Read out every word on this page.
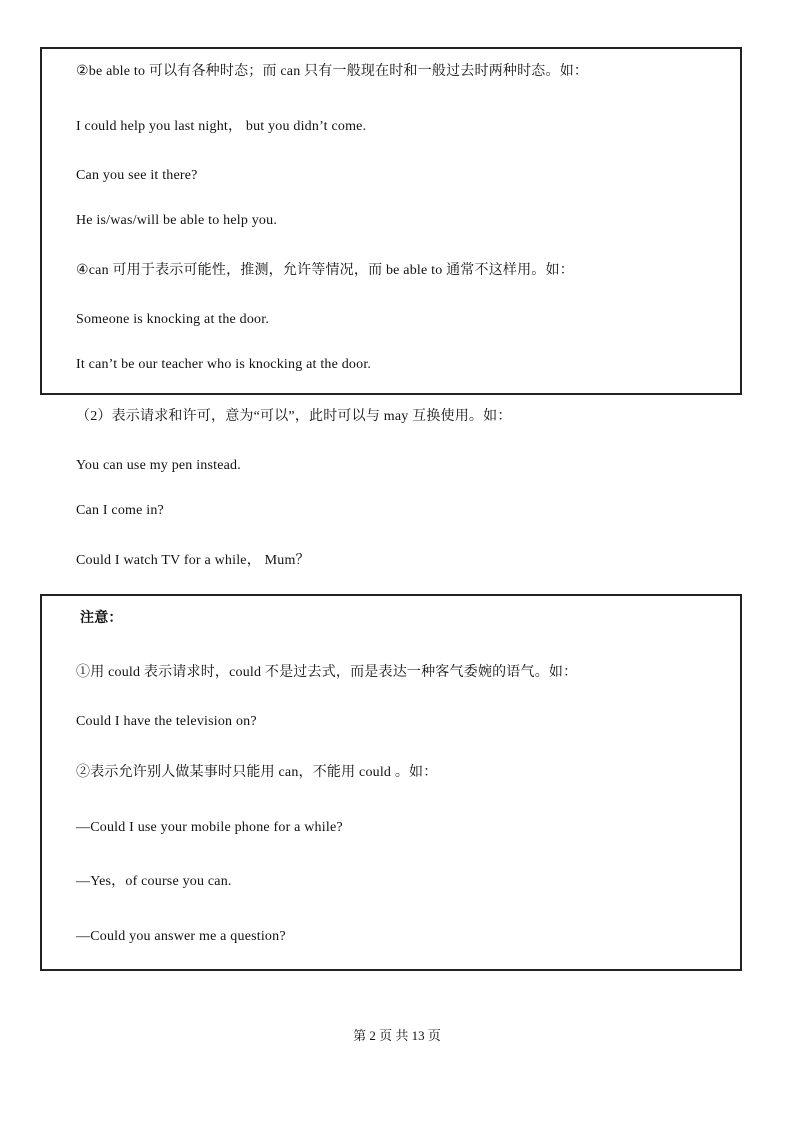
②be able to 可以有各种时态；而 can 只有一般现在时和一般过去时两种时态。如：
I could help you last night， but you didn’t come.
Can you see it there?
He is/was/will be able to help you.
④can 可用于表示可能性，推测，允许等情况，而 be able to 通常不这样用。如：
Someone is knocking at the door.
It can’t be our teacher who is knocking at the door.
（2）表示请求和许可，意为“可以”，此时可以与 may 互换使用。如：
You can use my pen instead.
Can I come in?
Could I watch TV for a while， Mum？
注意：
①用 could 表示请求时，could 不是过去式，而是表达一种客气委婉的语气。如：
Could I have the television on?
②表示允许别人做某事时只能用 can，不能用 could 。如：
—Could I use your mobile phone for a while?
—Yes，of course you can.
—Could you answer me a question?
第 2 页 共 13 页
